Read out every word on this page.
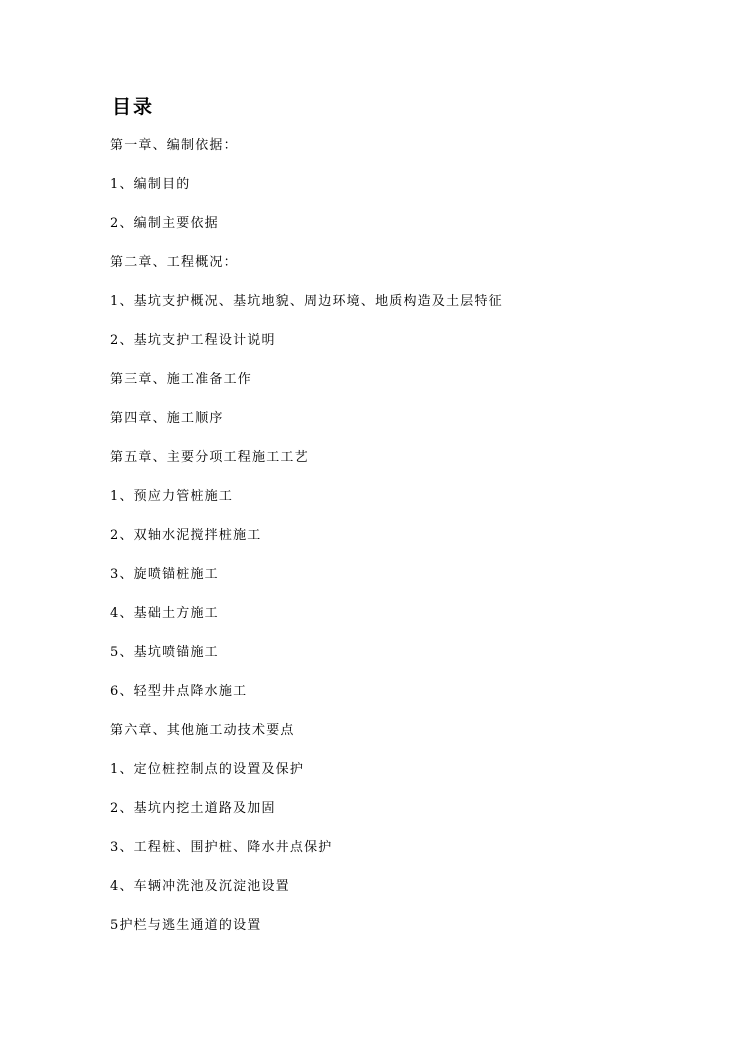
目录
第一章、编制依据：
1、编制目的
2、编制主要依据
第二章、工程概况：
1、基坑支护概况、基坑地貌、周边环境、地质构造及土层特征
2、基坑支护工程设计说明
第三章、施工准备工作
第四章、施工顺序
第五章、主要分项工程施工工艺
1、预应力管桩施工
2、双轴水泥搅拌桩施工
3、旋喷锚桩施工
4、基础土方施工
5、基坑喷锚施工
6、轻型井点降水施工
第六章、其他施工动技术要点
1、定位桩控制点的设置及保护
2、基坑内挖土道路及加固
3、工程桩、围护桩、降水井点保护
4、车辆冲洗池及沉淀池设置
5护栏与逃生通道的设置
